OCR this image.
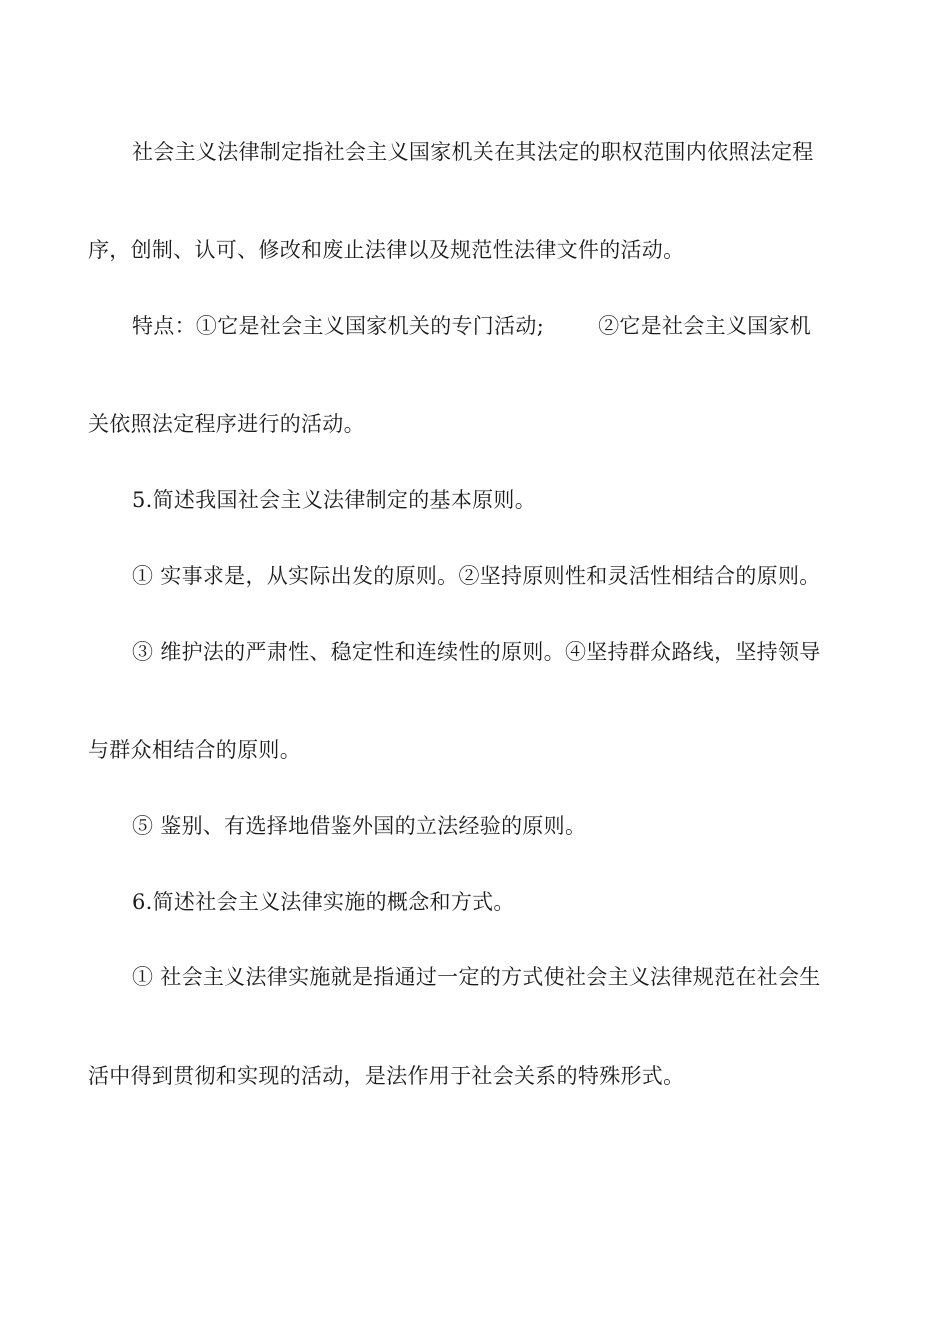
社会主义法律制定指社会主义国家机关在其法定的职权范围内依照法定程
序，创制、认可、修改和废止法律以及规范性法律文件的活动。
特点：①它是社会主义国家机关的专门活动;	②它是社会主义国家机
关依照法定程序进行的活动。
5.简述我国社会主义法律制定的基本原则。
① 实事求是，从实际出发的原则。②坚持原则性和灵活性相结合的原则。
③ 维护法的严肃性、稳定性和连续性的原则。④坚持群众路线，坚持领导
与群众相结合的原则。
⑤ 鉴别、有选择地借鉴外国的立法经验的原则。
6.简述社会主义法律实施的概念和方式。
① 社会主义法律实施就是指通过一定的方式使社会主义法律规范在社会生
活中得到贯彻和实现的活动，是法作用于社会关系的特殊形式。
